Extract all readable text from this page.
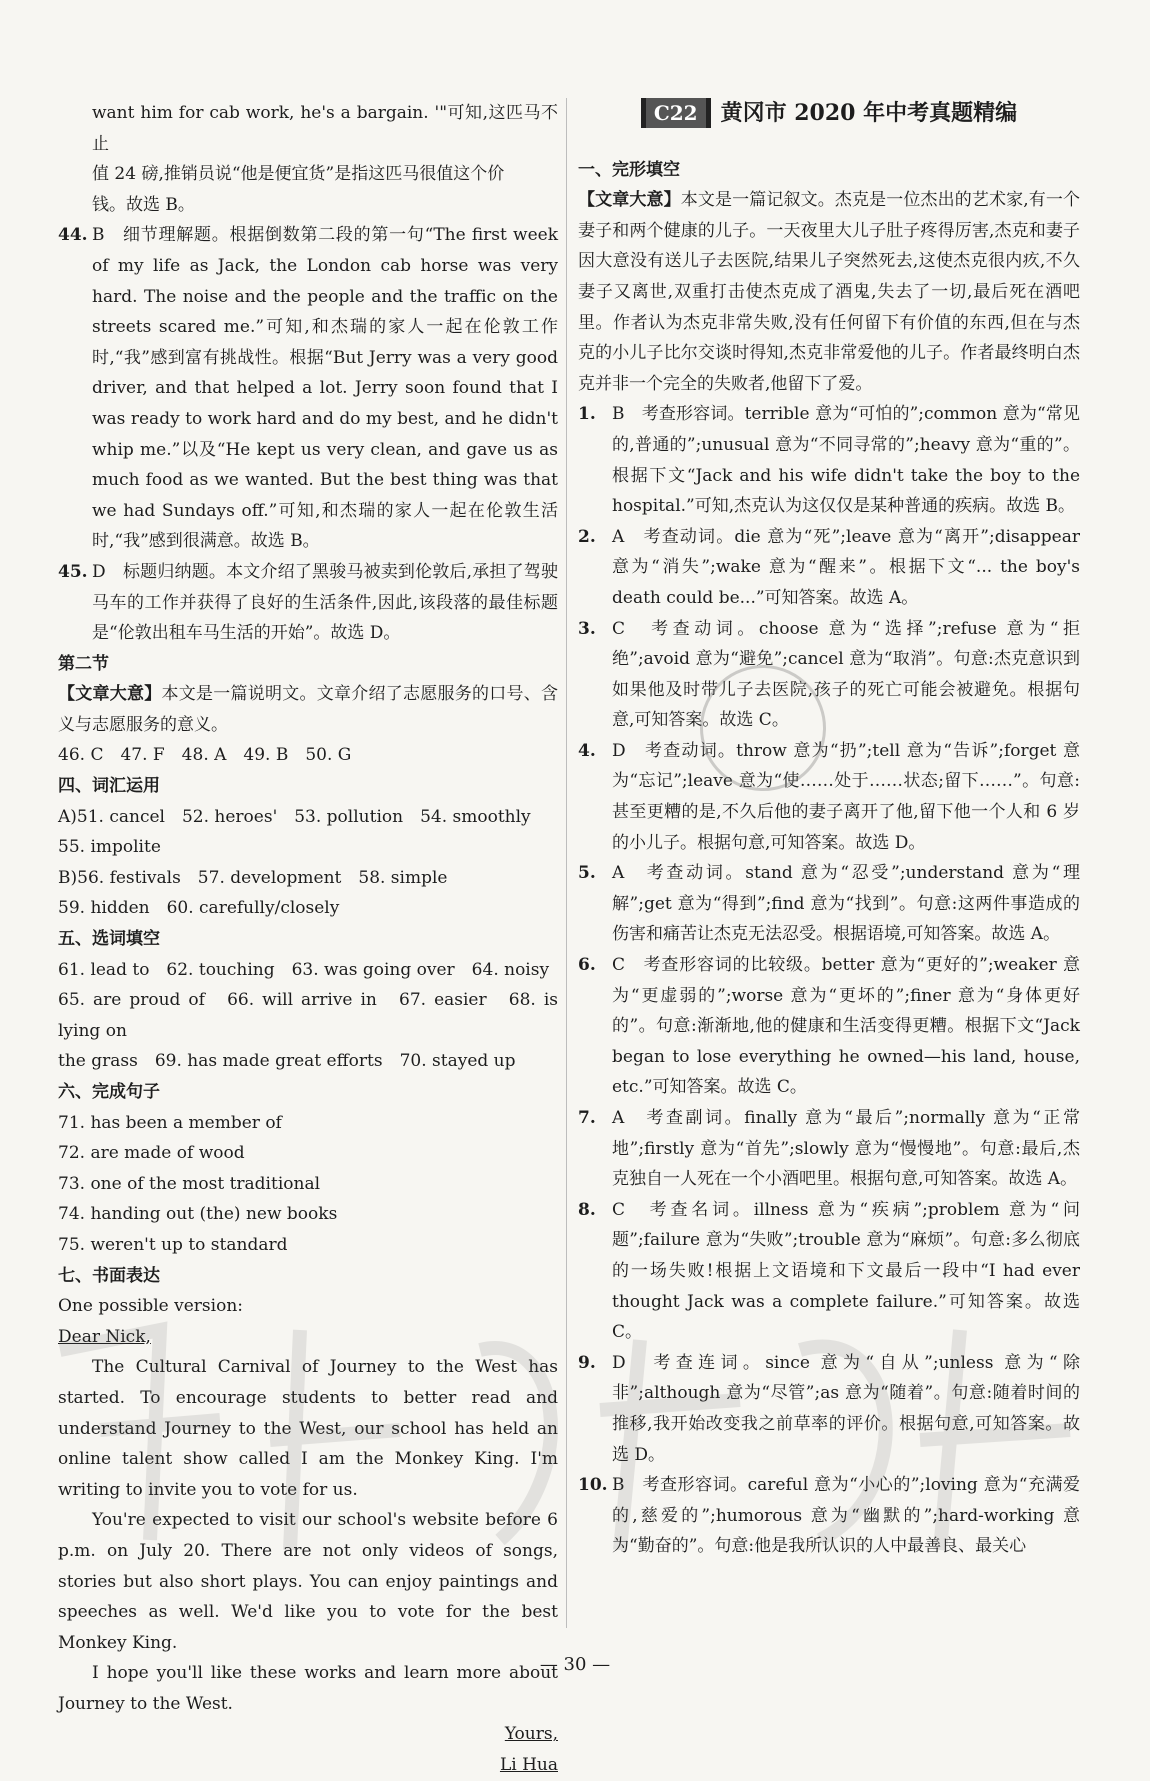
want him for cab work, he's a bargain. '"可知,这匹马不止

值 24 磅,推销员说“他是便宜货”是指这匹马很值这个价

钱。故选 B。

44. B　细节理解题。根据倒数第二段的第一句“The first week of my life as Jack, the London cab horse was very hard. The noise and the people and the traffic on the streets scared me.”可知,和杰瑞的家人一起在伦敦工作时,“我”感到富有挑战性。根据“But Jerry was a very good driver, and that helped a lot. Jerry soon found that I was ready to work hard and do my best, and he didn't whip me.”以及“He kept us very clean, and gave us as much food as we wanted. But the best thing was that we had Sundays off.”可知,和杰瑞的家人一起在伦敦生活时,“我”感到很满意。故选 B。
45. D　标题归纳题。本文介绍了黑骏马被卖到伦敦后,承担了驾驶马车的工作并获得了良好的生活条件,因此,该段落的最佳标题是“伦敦出租车马生活的开始”。故选 D。

第二节

【文章大意】本文是一篇说明文。文章介绍了志愿服务的口号、含义与志愿服务的意义。

46. C　47. F　48. A　49. B　50. G

四、词汇运用

A)51. cancel　52. heroes'　53. pollution　54. smoothly

55. impolite

B)56. festivals　57. development　58. simple

59. hidden　60. carefully/closely

五、选词填空

61. lead to　62. touching　63. was going over　64. noisy

65. are proud of　66. will arrive in　67. easier　68. is lying on

the grass　69. has made great efforts　70. stayed up

六、完成句子

71. has been a member of

72. are made of wood

73. one of the most traditional

74. handing out (the) new books

75. weren't up to standard

七、书面表达

One possible version:

Dear Nick,

The Cultural Carnival of Journey to the West has started. To encourage students to better read and understand Journey to the West, our school has held an online talent show called I am the Monkey King. I'm writing to invite you to vote for us.

You're expected to visit our school's website before 6 p.m. on July 20. There are not only videos of songs, stories but also short plays. You can enjoy paintings and speeches as well. We'd like you to vote for the best Monkey King.

I hope you'll like these works and learn more about Journey to the West.

Yours,

Li Hua

C22	黄冈市 2020 年中考真题精编

一、完形填空

【文章大意】本文是一篇记叙文。杰克是一位杰出的艺术家,有一个妻子和两个健康的儿子。一天夜里大儿子肚子疼得厉害,杰克和妻子因大意没有送儿子去医院,结果儿子突然死去,这使杰克很内疚,不久妻子又离世,双重打击使杰克成了酒鬼,失去了一切,最后死在酒吧里。作者认为杰克非常失败,没有任何留下有价值的东西,但在与杰克的小儿子比尔交谈时得知,杰克非常爱他的儿子。作者最终明白杰克并非一个完全的失败者,他留下了爱。

1. B　考查形容词。terrible 意为“可怕的”;common 意为“常见的,普通的”;unusual 意为“不同寻常的”;heavy 意为“重的”。根据下文“Jack and his wife didn't take the boy to the hospital.”可知,杰克认为这仅仅是某种普通的疾病。故选 B。
2. A　考查动词。die 意为“死”;leave 意为“离开”;disappear 意为“消失”;wake 意为“醒来”。根据下文“... the boy's death could be...”可知答案。故选 A。
3. C　考查动词。choose 意为“选择”;refuse 意为“拒绝”;avoid 意为“避免”;cancel 意为“取消”。句意:杰克意识到如果他及时带儿子去医院,孩子的死亡可能会被避免。根据句意,可知答案。故选 C。
4. D　考查动词。throw 意为“扔”;tell 意为“告诉”;forget 意为“忘记”;leave 意为“使……处于……状态;留下……”。句意:甚至更糟的是,不久后他的妻子离开了他,留下他一个人和 6 岁的小儿子。根据句意,可知答案。故选 D。
5. A　考查动词。stand 意为“忍受”;understand 意为“理解”;get 意为“得到”;find 意为“找到”。句意:这两件事造成的伤害和痛苦让杰克无法忍受。根据语境,可知答案。故选 A。
6. C　考查形容词的比较级。better 意为“更好的”;weaker 意为“更虚弱的”;worse 意为“更坏的”;finer 意为“身体更好的”。句意:渐渐地,他的健康和生活变得更糟。根据下文“Jack began to lose everything he owned—his land, house, etc.”可知答案。故选 C。
7. A　考查副词。finally 意为“最后”;normally 意为“正常地”;firstly 意为“首先”;slowly 意为“慢慢地”。句意:最后,杰克独自一人死在一个小酒吧里。根据句意,可知答案。故选 A。
8. C　考查名词。illness 意为“疾病”;problem 意为“问题”;failure 意为“失败”;trouble 意为“麻烦”。句意:多么彻底的一场失败!根据上文语境和下文最后一段中“I had ever thought Jack was a complete failure.”可知答案。故选 C。
9. D　考查连词。since 意为“自从”;unless 意为“除非”;although 意为“尽管”;as 意为“随着”。句意:随着时间的推移,我开始改变我之前草率的评价。根据句意,可知答案。故选 D。
10. B　考查形容词。careful 意为“小心的”;loving 意为“充满爱的,慈爱的”;humorous 意为“幽默的”;hard-working 意为“勤奋的”。句意:他是我所认识的人中最善良、最关心
— 30 —
